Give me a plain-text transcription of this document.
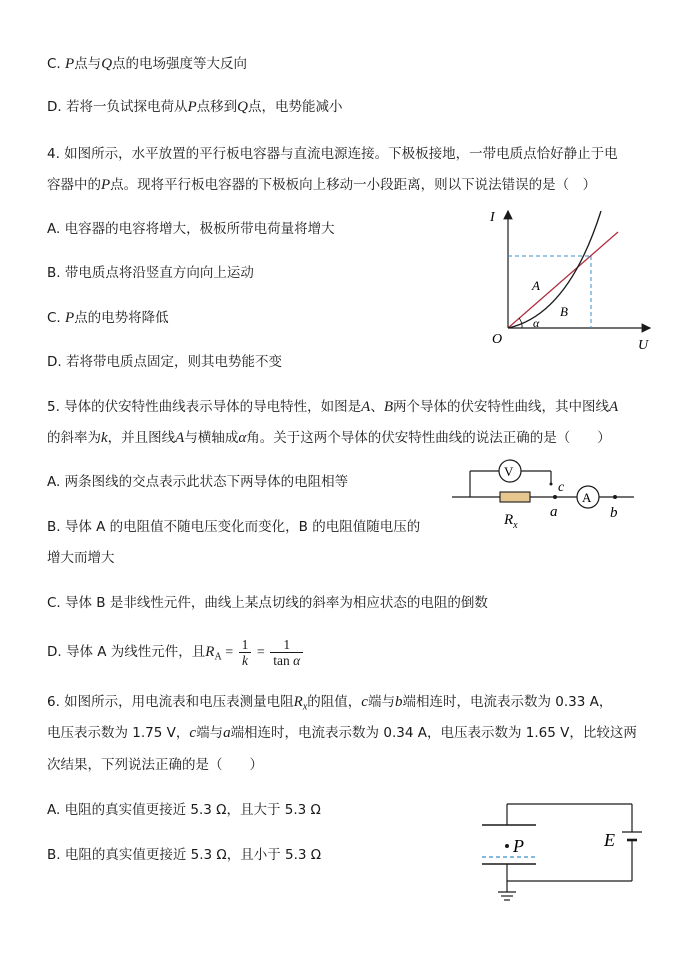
C. P点与Q点的电场强度等大反向
D. 若将一负试探电荷从P点移到Q点，电势能减小
4. 如图所示，水平放置的平行板电容器与直流电源连接。下极板接地，一带电质点恰好静止于电
容器中的P点。现将平行板电容器的下极板向上移动一小段距离，则以下说法错误的是（　）
A. 电容器的电容将增大，极板所带电荷量将增大
B. 带电质点将沿竖直方向向上运动
C. P点的电势将降低
D. 若将带电质点固定，则其电势能不变
I
U
O
A
B
α
5. 导体的伏安特性曲线表示导体的导电特性，如图是A、B两个导体的伏安特性曲线，其中图线A
的斜率为k，并且图线A与横轴成α角。关于这两个导体的伏安特性曲线的说法正确的是（　　）
A. 两条图线的交点表示此状态下两导体的电阻相等
B. 导体 A 的电阻值不随电压变化而变化，B 的电阻值随电压的
增大而增大
C. 导体 B 是非线性元件，曲线上某点切线的斜率为相应状态的电阻的倒数
D. 导体 A 为线性元件，且$R_A = \frac{1}{k} = \frac{1}{\text{tan α}}$
V
A
c
a	b
$R_x$
6. 如图所示，用电流表和电压表测量电阻$R_x$的阻值，c端与b端相连时，电流表示数为 0.33 A，
电压表示数为 1.75 V，c端与a端相连时，电流表示数为 0.34 A，电压表示数为 1.65 V，比较这两
次结果，下列说法正确的是（　　）
A. 电阻的真实值更接近 5.3 Ω，且大于 5.3 Ω
B. 电阻的真实值更接近 5.3 Ω，且小于 5.3 Ω	P	E
